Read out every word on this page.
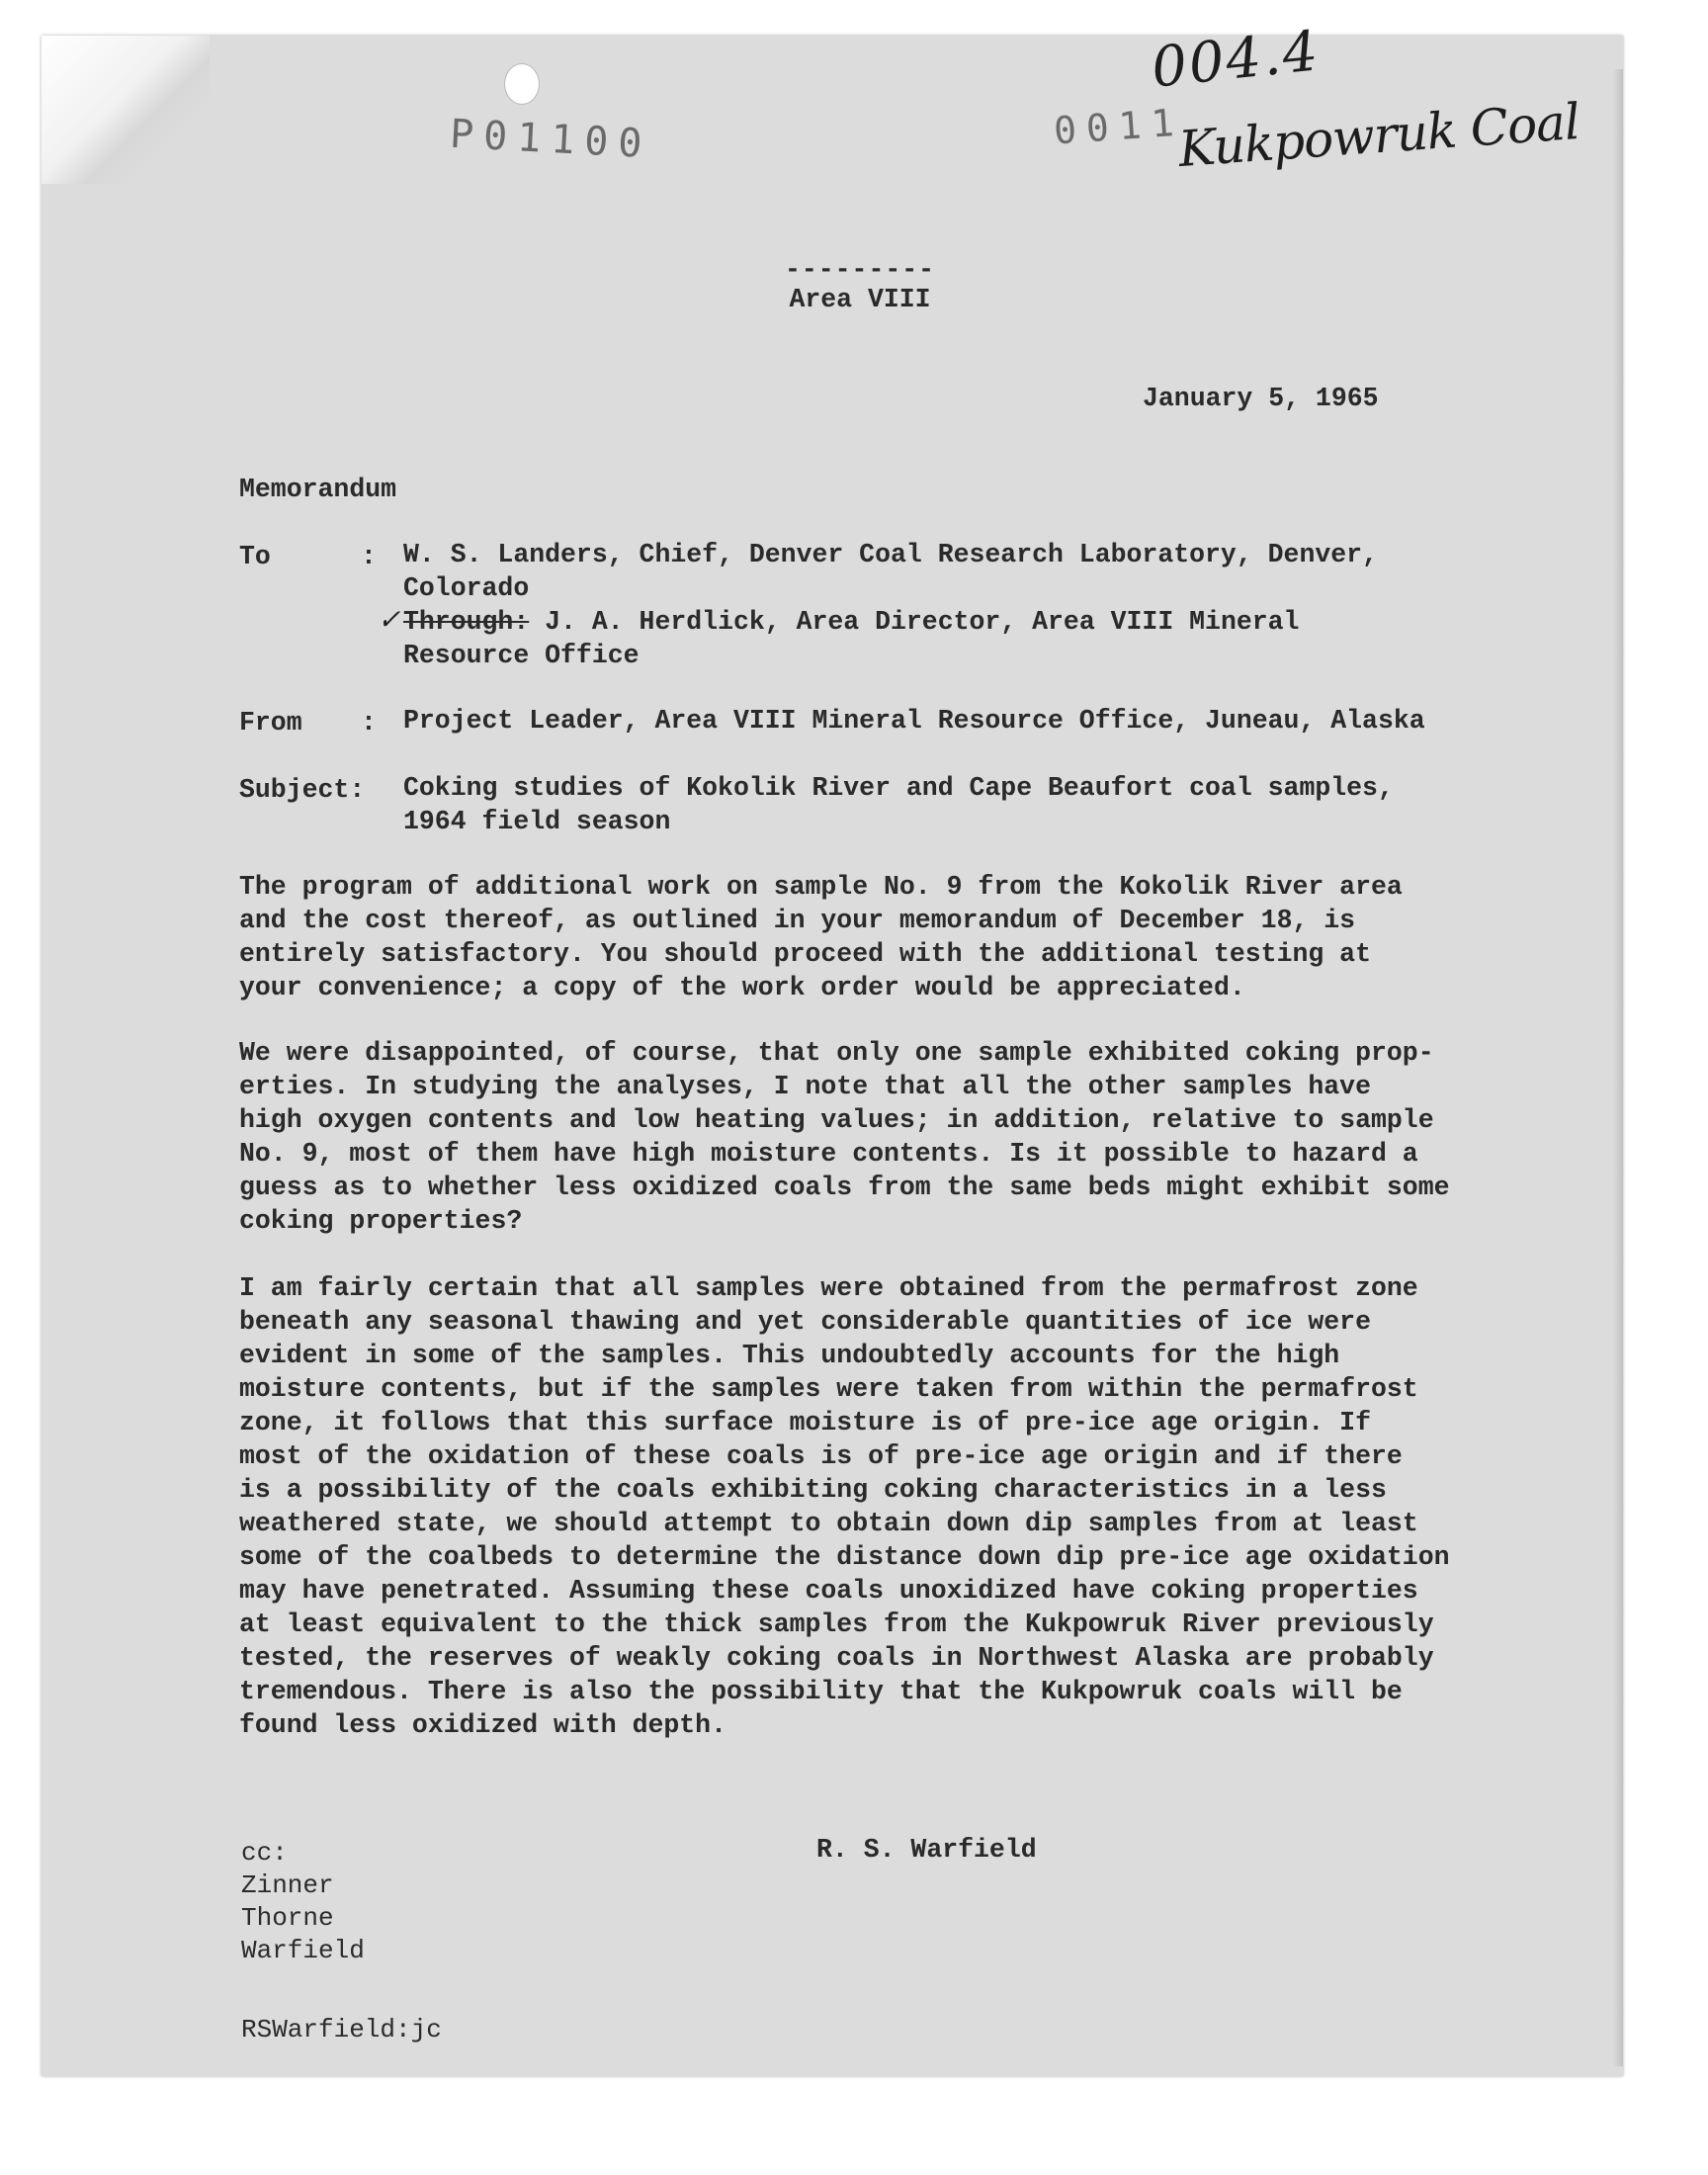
P01100	0011
004.4
Kukpowruk Coal
---------
Area VIII
January 5, 1965
Memorandum
To	: W. S. Landers, Chief, Denver Coal Research Laboratory, Denver,
Colorado
✓ Through: J. A. Herdlick, Area Director, Area VIII Mineral
Resource Office
From : Project Leader, Area VIII Mineral Resource Office, Juneau, Alaska
Subject: Coking studies of Kokolik River and Cape Beaufort coal samples,
1964 field season

The program of additional work on sample No. 9 from the Kokolik River area
and the cost thereof, as outlined in your memorandum of December 18, is
entirely satisfactory. You should proceed with the additional testing at
your convenience; a copy of the work order would be appreciated.

We were disappointed, of course, that only one sample exhibited coking prop-
erties. In studying the analyses, I note that all the other samples have
high oxygen contents and low heating values; in addition, relative to sample
No. 9, most of them have high moisture contents. Is it possible to hazard a
guess as to whether less oxidized coals from the same beds might exhibit some
coking properties?

I am fairly certain that all samples were obtained from the permafrost zone
beneath any seasonal thawing and yet considerable quantities of ice were
evident in some of the samples. This undoubtedly accounts for the high
moisture contents, but if the samples were taken from within the permafrost
zone, it follows that this surface moisture is of pre-ice age origin. If
most of the oxidation of these coals is of pre-ice age origin and if there
is a possibility of the coals exhibiting coking characteristics in a less
weathered state, we should attempt to obtain down dip samples from at least
some of the coalbeds to determine the distance down dip pre-ice age oxidation
may have penetrated. Assuming these coals unoxidized have coking properties
at least equivalent to the thick samples from the Kukpowruk River previously
tested, the reserves of weakly coking coals in Northwest Alaska are probably
tremendous. There is also the possibility that the Kukpowruk coals will be
found less oxidized with depth.

R. S. Warfield
cc:
Zinner
Thorne
Warfield
RSWarfield:jc
